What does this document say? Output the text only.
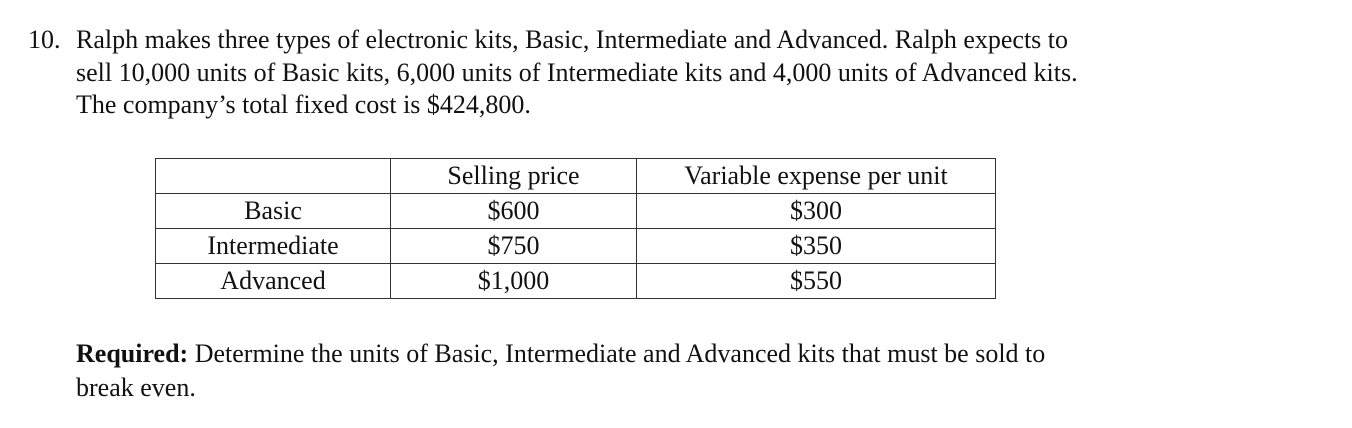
10. Ralph makes three types of electronic kits, Basic, Intermediate and Advanced. Ralph expects to
sell 10,000 units of Basic kits, 6,000 units of Intermediate kits and 4,000 units of Advanced kits.
The company’s total fixed cost is $424,800.
	Selling price	Variable expense per unit
Basic	$600	$300
Intermediate	$750	$350
Advanced	$1,000	$550
Required: Determine the units of Basic, Intermediate and Advanced kits that must be sold to
break even.
